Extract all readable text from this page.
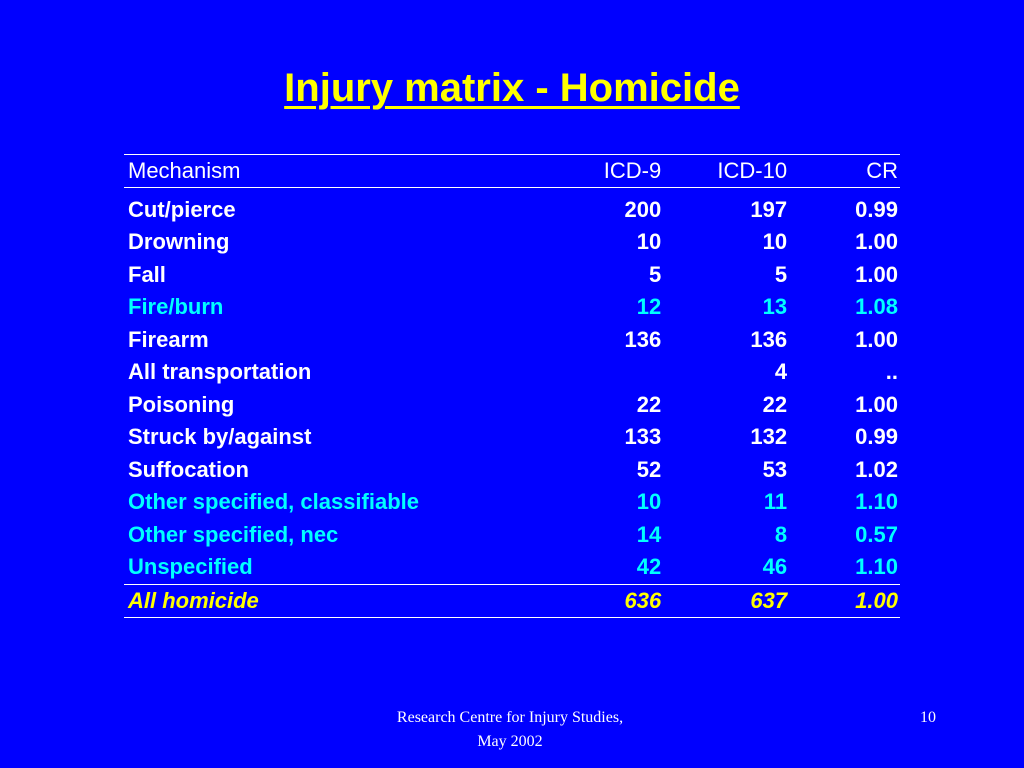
Injury matrix - Homicide
Mechanism	ICD-9	ICD-10	CR
Cut/pierce	200	197	0.99
Drowning	10	10	1.00
Fall	5	5	1.00
Fire/burn	12	13	1.08
Firearm	136	136	1.00
All transportation		4	..
Poisoning	22	22	1.00
Struck by/against	133	132	0.99
Suffocation	52	53	1.02
Other specified, classifiable	10	11	1.10
Other specified, nec	14	8	0.57
Unspecified	42	46	1.10
All homicide	636	637	1.00
Research Centre for Injury Studies,
May 2002
10
